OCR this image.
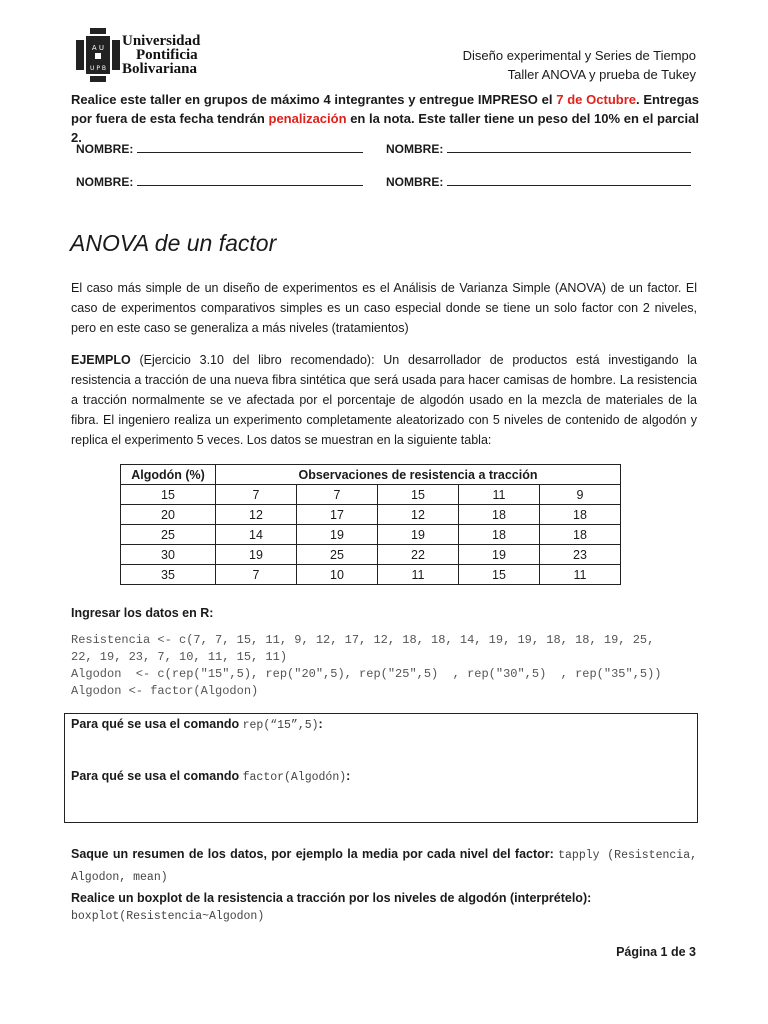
A U
U P B
Universidad
Pontificia
Bolivariana
Diseño experimental y Series de Tiempo
Taller ANOVA y prueba de Tukey
Realice este taller en grupos de máximo 4 integrantes y entregue IMPRESO el 7 de Octubre. Entregas por fuera de esta fecha tendrán penalización en la nota. Este taller tiene un peso del 10% en el parcial 2.
NOMBRE:	NOMBRE:
NOMBRE:	NOMBRE:
ANOVA de un factor
El caso más simple de un diseño de experimentos es el Análisis de Varianza Simple (ANOVA) de un factor. El caso de experimentos comparativos simples es un caso especial donde se tiene un solo factor con 2 niveles, pero en este caso se generaliza a más niveles (tratamientos)
EJEMPLO (Ejercicio 3.10 del libro recomendado): Un desarrollador de productos está investigando la resistencia a tracción de una nueva fibra sintética que será usada para hacer camisas de hombre. La resistencia a tracción normalmente se ve afectada por el porcentaje de algodón usado en la mezcla de materiales de la fibra. El ingeniero realiza un experimento completamente aleatorizado con 5 niveles de contenido de algodón y replica el experimento 5 veces. Los datos se muestran en la siguiente tabla:
Algodón (%)	Observaciones de resistencia a tracción				
15	7	7	15	11	9
20	12	17	12	18	18
25	14	19	19	18	18
30	19	25	22	19	23
35	7	10	11	15	11
Ingresar los datos en R:
Resistencia <- c(7, 7, 15, 11, 9, 12, 17, 12, 18, 18, 14, 19, 19, 18, 18, 19, 25,
22, 19, 23, 7, 10, 11, 15, 11)
Algodon  <- c(rep("15",5), rep("20",5), rep("25",5)  , rep("30",5)  , rep("35",5))
Algodon <- factor(Algodon)
Para qué se usa el comando rep(“15”,5):
Para qué se usa el comando factor(Algodón):
Saque un resumen de los datos, por ejemplo la media por cada nivel del factor: tapply (Resistencia, Algodon, mean)
Realice un boxplot de la resistencia a tracción por los niveles de algodón (interprételo):
boxplot(Resistencia~Algodon)
Página 1 de 3
